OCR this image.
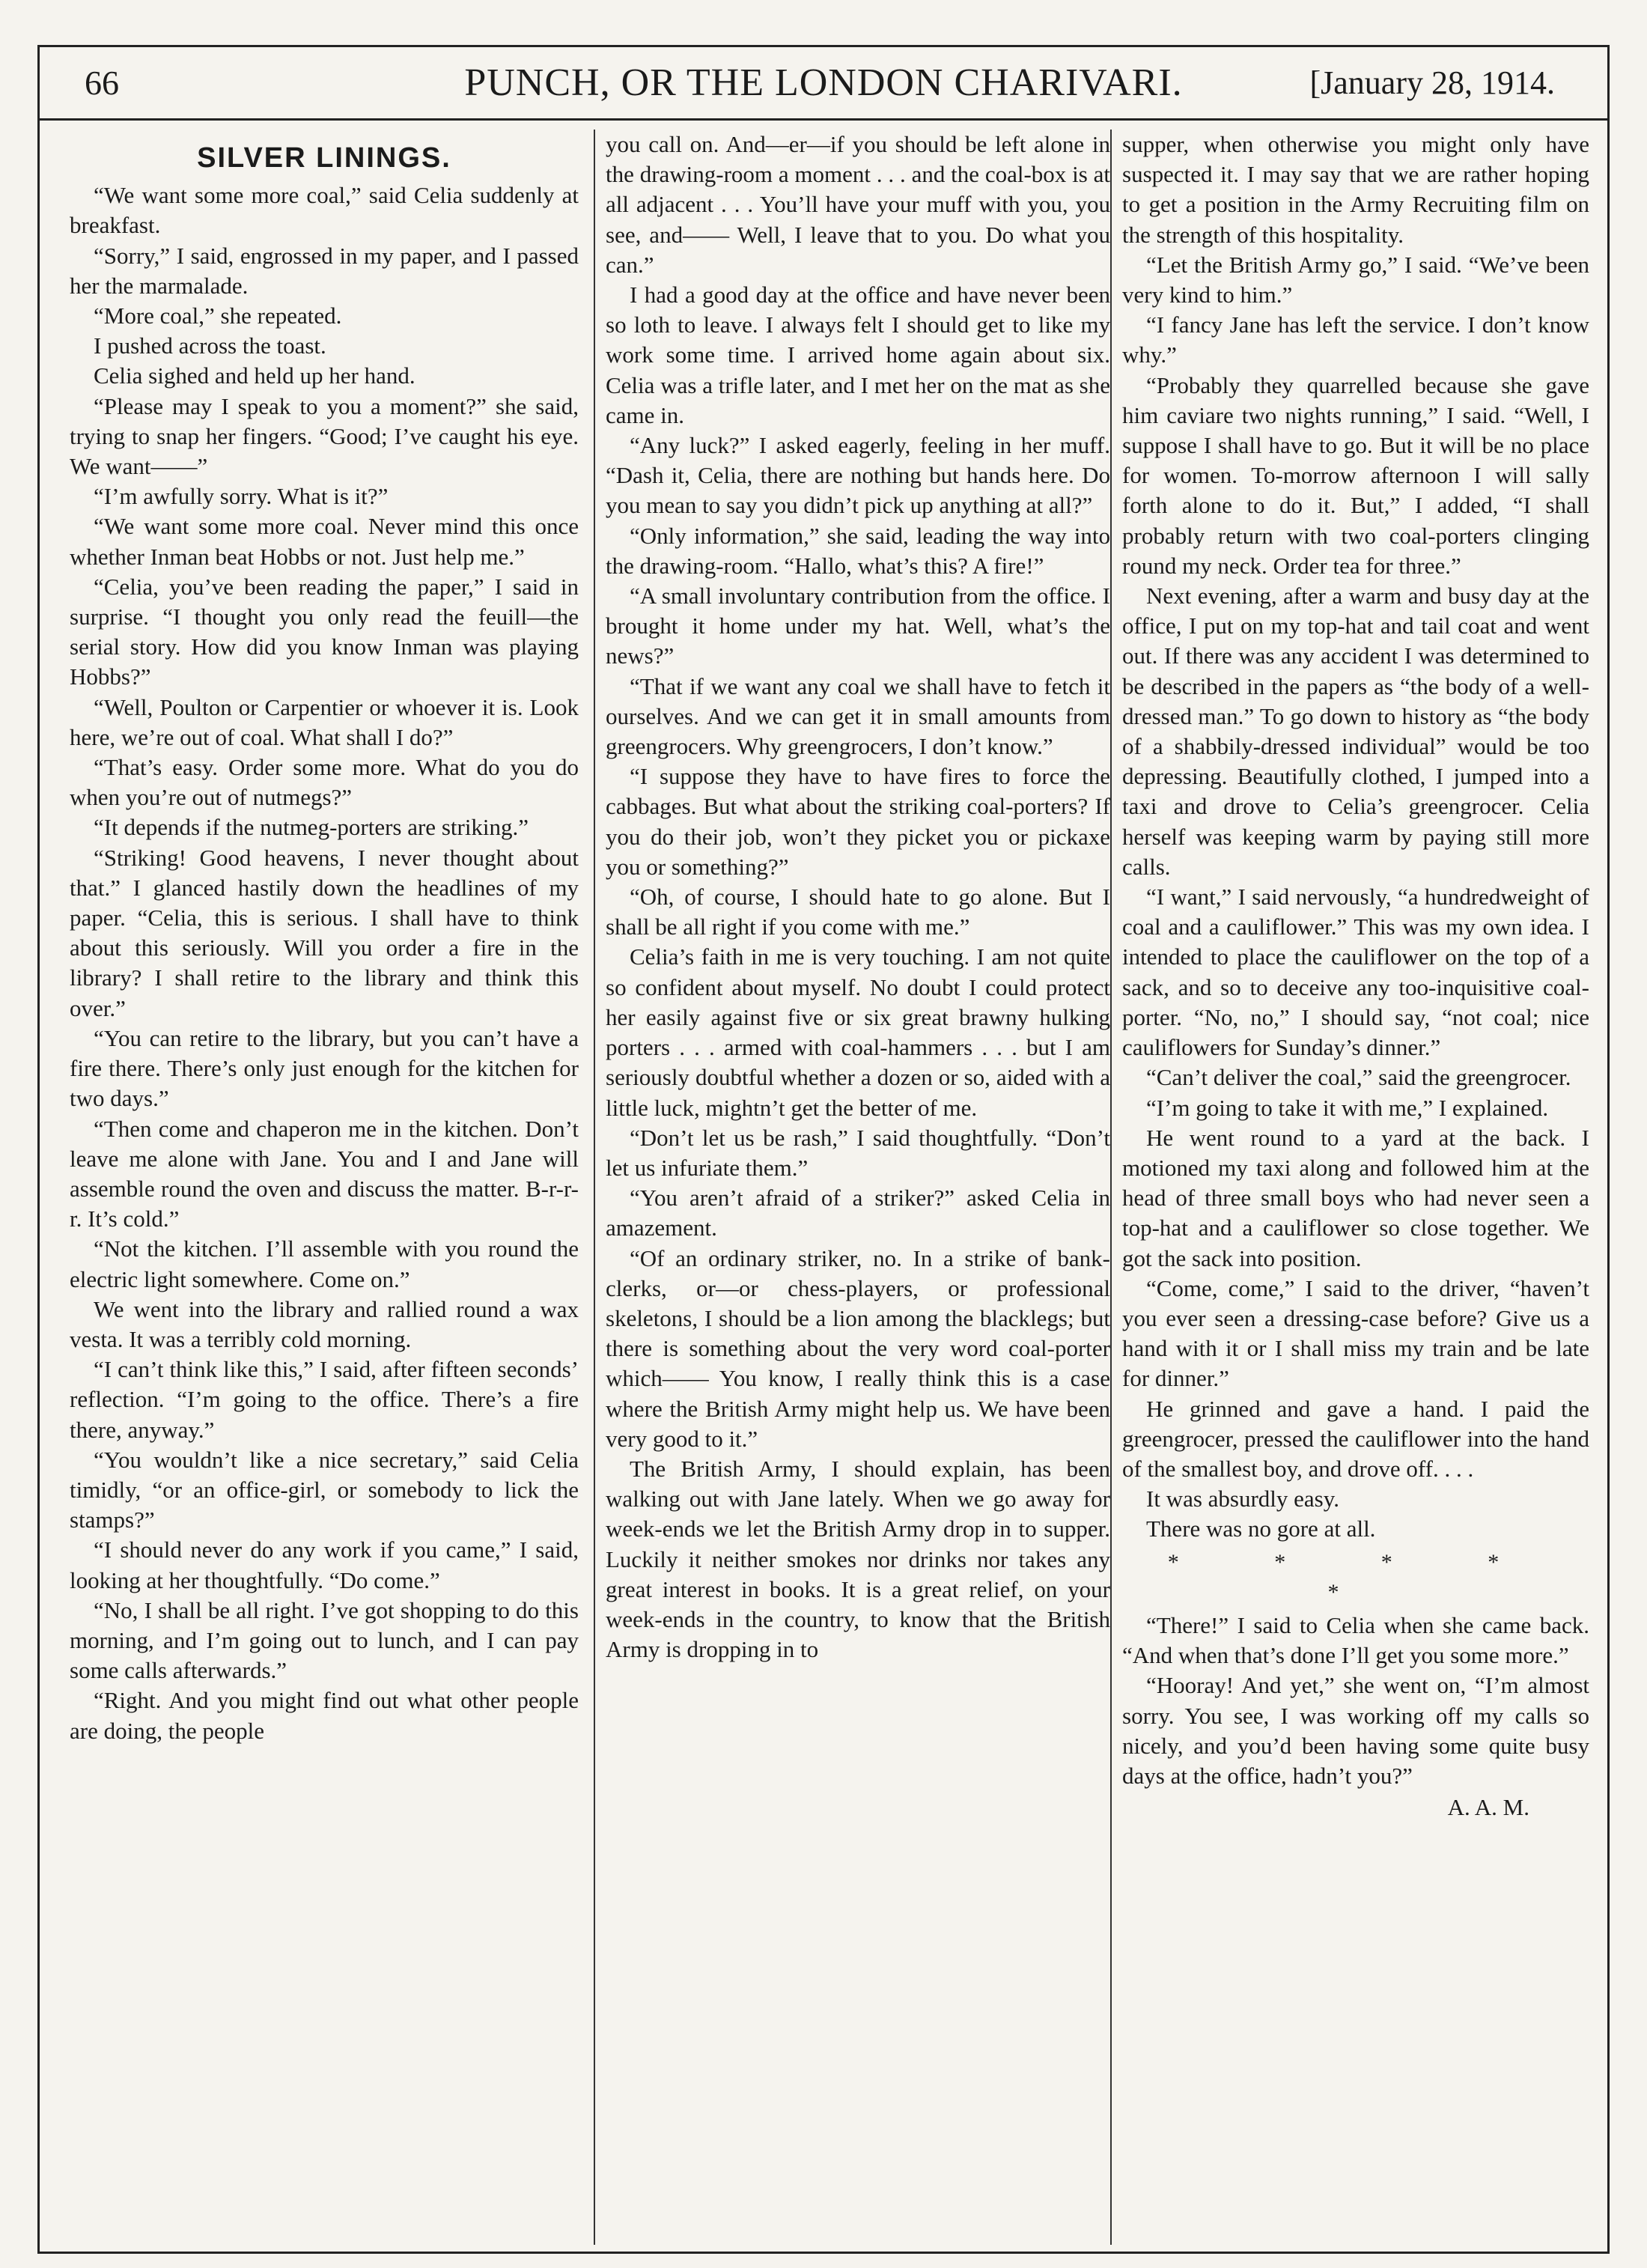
66	PUNCH, OR THE LONDON CHARIVARI.	[January 28, 1914.
SILVER LININGS.

“We want some more coal,” said Celia suddenly at breakfast.

“Sorry,” I said, engrossed in my paper, and I passed her the marmalade.

“More coal,” she repeated.

I pushed across the toast.

Celia sighed and held up her hand.

“Please may I speak to you a moment?” she said, trying to snap her fingers. “Good; I’ve caught his eye. We want——”

“I’m awfully sorry. What is it?”

“We want some more coal. Never mind this once whether Inman beat Hobbs or not. Just help me.”

“Celia, you’ve been reading the paper,” I said in surprise. “I thought you only read the feuill—the serial story. How did you know Inman was playing Hobbs?”

“Well, Poulton or Carpentier or whoever it is. Look here, we’re out of coal. What shall I do?”

“That’s easy. Order some more. What do you do when you’re out of nutmegs?”

“It depends if the nutmeg-porters are striking.”

“Striking! Good heavens, I never thought about that.” I glanced hastily down the headlines of my paper. “Celia, this is serious. I shall have to think about this seriously. Will you order a fire in the library? I shall retire to the library and think this over.”

“You can retire to the library, but you can’t have a fire there. There’s only just enough for the kitchen for two days.”

“Then come and chaperon me in the kitchen. Don’t leave me alone with Jane. You and I and Jane will assemble round the oven and discuss the matter. B-r-r-r. It’s cold.”

“Not the kitchen. I’ll assemble with you round the electric light somewhere. Come on.”

We went into the library and rallied round a wax vesta. It was a terribly cold morning.

“I can’t think like this,” I said, after fifteen seconds’ reflection. “I’m going to the office. There’s a fire there, anyway.”

“You wouldn’t like a nice secretary,” said Celia timidly, “or an office-girl, or somebody to lick the stamps?”

“I should never do any work if you came,” I said, looking at her thoughtfully. “Do come.”

“No, I shall be all right. I’ve got shopping to do this morning, and I’m going out to lunch, and I can pay some calls afterwards.”

“Right. And you might find out what other people are doing, the people

you call on. And—er—if you should be left alone in the drawing-room a moment . . . and the coal-box is at all adjacent . . . You’ll have your muff with you, you see, and—— Well, I leave that to you. Do what you can.”

I had a good day at the office and have never been so loth to leave. I always felt I should get to like my work some time. I arrived home again about six. Celia was a trifle later, and I met her on the mat as she came in.

“Any luck?” I asked eagerly, feeling in her muff. “Dash it, Celia, there are nothing but hands here. Do you mean to say you didn’t pick up anything at all?”

“Only information,” she said, leading the way into the drawing-room. “Hallo, what’s this? A fire!”

“A small involuntary contribution from the office. I brought it home under my hat. Well, what’s the news?”

“That if we want any coal we shall have to fetch it ourselves. And we can get it in small amounts from greengrocers. Why greengrocers, I don’t know.”

“I suppose they have to have fires to force the cabbages. But what about the striking coal-porters? If you do their job, won’t they picket you or pickaxe you or something?”

“Oh, of course, I should hate to go alone. But I shall be all right if you come with me.”

Celia’s faith in me is very touching. I am not quite so confident about myself. No doubt I could protect her easily against five or six great brawny hulking porters . . . armed with coal-hammers . . . but I am seriously doubtful whether a dozen or so, aided with a little luck, mightn’t get the better of me.

“Don’t let us be rash,” I said thoughtfully. “Don’t let us infuriate them.”

“You aren’t afraid of a striker?” asked Celia in amazement.

“Of an ordinary striker, no. In a strike of bank-clerks, or—or chess-players, or professional skeletons, I should be a lion among the blacklegs; but there is something about the very word coal-porter which—— You know, I really think this is a case where the British Army might help us. We have been very good to it.”

The British Army, I should explain, has been walking out with Jane lately. When we go away for week-ends we let the British Army drop in to supper. Luckily it neither smokes nor drinks nor takes any great interest in books. It is a great relief, on your week-ends in the country, to know that the British Army is dropping in to

supper, when otherwise you might only have suspected it. I may say that we are rather hoping to get a position in the Army Recruiting film on the strength of this hospitality.

“Let the British Army go,” I said. “We’ve been very kind to him.”

“I fancy Jane has left the service. I don’t know why.”

“Probably they quarrelled because she gave him caviare two nights running,” I said. “Well, I suppose I shall have to go. But it will be no place for women. To-morrow afternoon I will sally forth alone to do it. But,” I added, “I shall probably return with two coal-porters clinging round my neck. Order tea for three.”

Next evening, after a warm and busy day at the office, I put on my top-hat and tail coat and went out. If there was any accident I was determined to be described in the papers as “the body of a well-dressed man.” To go down to history as “the body of a shabbily-dressed individual” would be too depressing. Beautifully clothed, I jumped into a taxi and drove to Celia’s greengrocer. Celia herself was keeping warm by paying still more calls.

“I want,” I said nervously, “a hundredweight of coal and a cauliflower.” This was my own idea. I intended to place the cauliflower on the top of a sack, and so to deceive any too-inquisitive coal-porter. “No, no,” I should say, “not coal; nice cauliflowers for Sunday’s dinner.”

“Can’t deliver the coal,” said the greengrocer.

“I’m going to take it with me,” I explained.

He went round to a yard at the back. I motioned my taxi along and followed him at the head of three small boys who had never seen a top-hat and a cauliflower so close together. We got the sack into position.

“Come, come,” I said to the driver, “haven’t you ever seen a dressing-case before? Give us a hand with it or I shall miss my train and be late for dinner.”

He grinned and gave a hand. I paid the greengrocer, pressed the cauliflower into the hand of the smallest boy, and drove off. . . .

It was absurdly easy.

There was no gore at all.

* * * * *

“There!” I said to Celia when she came back. “And when that’s done I’ll get you some more.”

“Hooray! And yet,” she went on, “I’m almost sorry. You see, I was working off my calls so nicely, and you’d been having some quite busy days at the office, hadn’t you?”

A. A. M.
